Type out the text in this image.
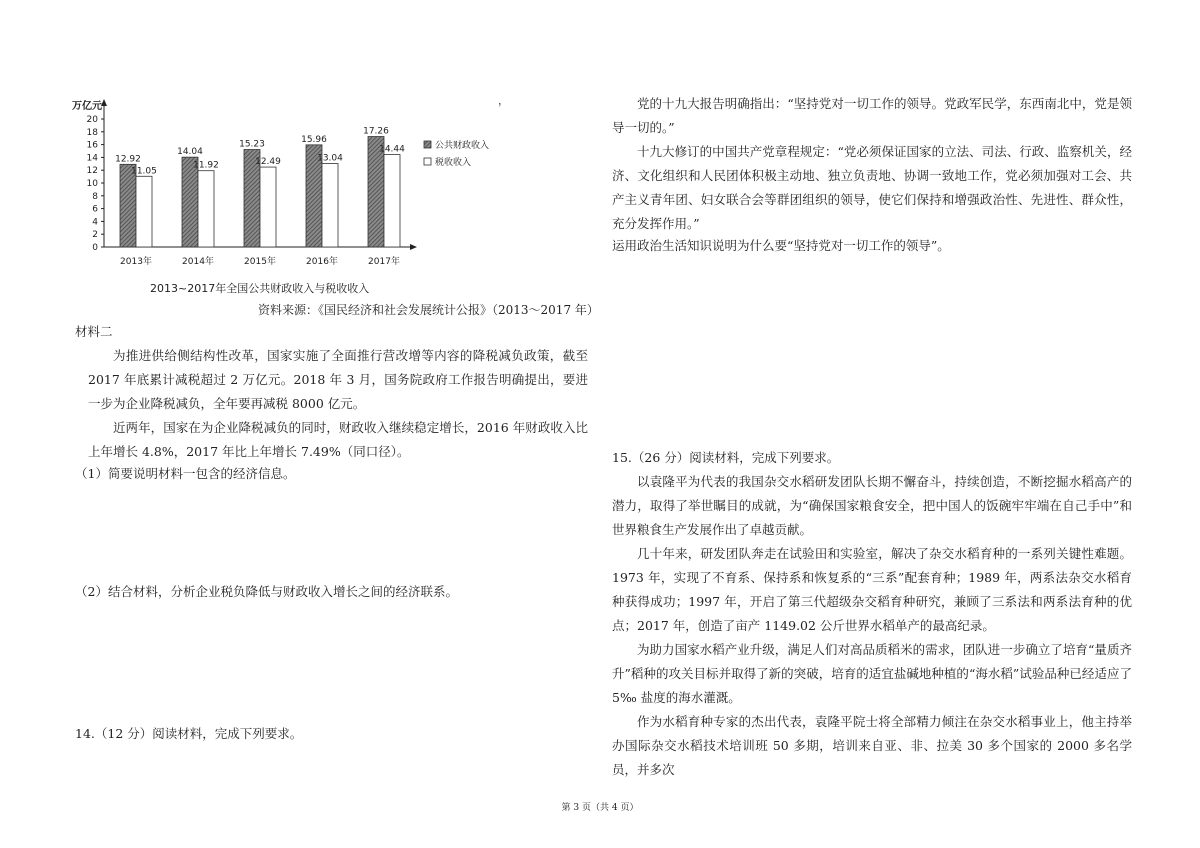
万亿元
0
2
4
6
8
10
12
14
16
18
20
12.92
11.05
2013年
14.04
11.92
2014年
15.23
12.49
2015年
15.96
13.04
2016年
17.26
14.44
2017年
公共财政收入
税收收入
2013~2017年全国公共财政收入与税收收入
资料来源：《国民经济和社会发展统计公报》（2013～2017 年）
材料二
为推进供给侧结构性改革，国家实施了全面推行营改增等内容的降税减负政策，截至 2017 年底累计减税超过 2 万亿元。2018 年 3 月，国务院政府工作报告明确提出，要进一步为企业降税减负，全年要再减税 8000 亿元。
近两年，国家在为企业降税减负的同时，财政收入继续稳定增长，2016 年财政收入比上年增长 4.8%，2017 年比上年增长 7.49%（同口径）。
（1）简要说明材料一包含的经济信息。
（2）结合材料，分析企业税负降低与财政收入增长之间的经济联系。
14.（12 分）阅读材料，完成下列要求。
，	党的十九大报告明确指出：“坚持党对一切工作的领导。党政军民学，东西南北中，党是领导一切的。”
十九大修订的中国共产党章程规定：“党必须保证国家的立法、司法、行政、监察机关，经济、文化组织和人民团体积极主动地、独立负责地、协调一致地工作，党必须加强对工会、共产主义青年团、妇女联合会等群团组织的领导，使它们保持和增强政治性、先进性、群众性，充分发挥作用。”
运用政治生活知识说明为什么要“坚持党对一切工作的领导”。
15.（26 分）阅读材料，完成下列要求。
以袁隆平为代表的我国杂交水稻研发团队长期不懈奋斗，持续创造，不断挖掘水稻高产的潜力，取得了举世瞩目的成就，为“确保国家粮食安全，把中国人的饭碗牢牢端在自己手中”和世界粮食生产发展作出了卓越贡献。
几十年来，研发团队奔走在试验田和实验室，解决了杂交水稻育种的一系列关键性难题。1973 年，实现了不育系、保持系和恢复系的“三系”配套育种；1989 年，两系法杂交水稻育种获得成功；1997 年，开启了第三代超级杂交稻育种研究，兼顾了三系法和两系法育种的优点；2017 年，创造了亩产 1149.02 公斤世界水稻单产的最高纪录。
为助力国家水稻产业升级，满足人们对高品质稻米的需求，团队进一步确立了培育“量质齐升”稻种的攻关目标并取得了新的突破，培育的适宜盐碱地种植的“海水稻”试验品种已经适应了 5‰ 盐度的海水灌溉。
作为水稻育种专家的杰出代表，袁隆平院士将全部精力倾注在杂交水稻事业上，他主持举办国际杂交水稻技术培训班 50 多期，培训来自亚、非、拉美 30 多个国家的 2000 多名学员，并多次
第 3 页（共 4 页）
